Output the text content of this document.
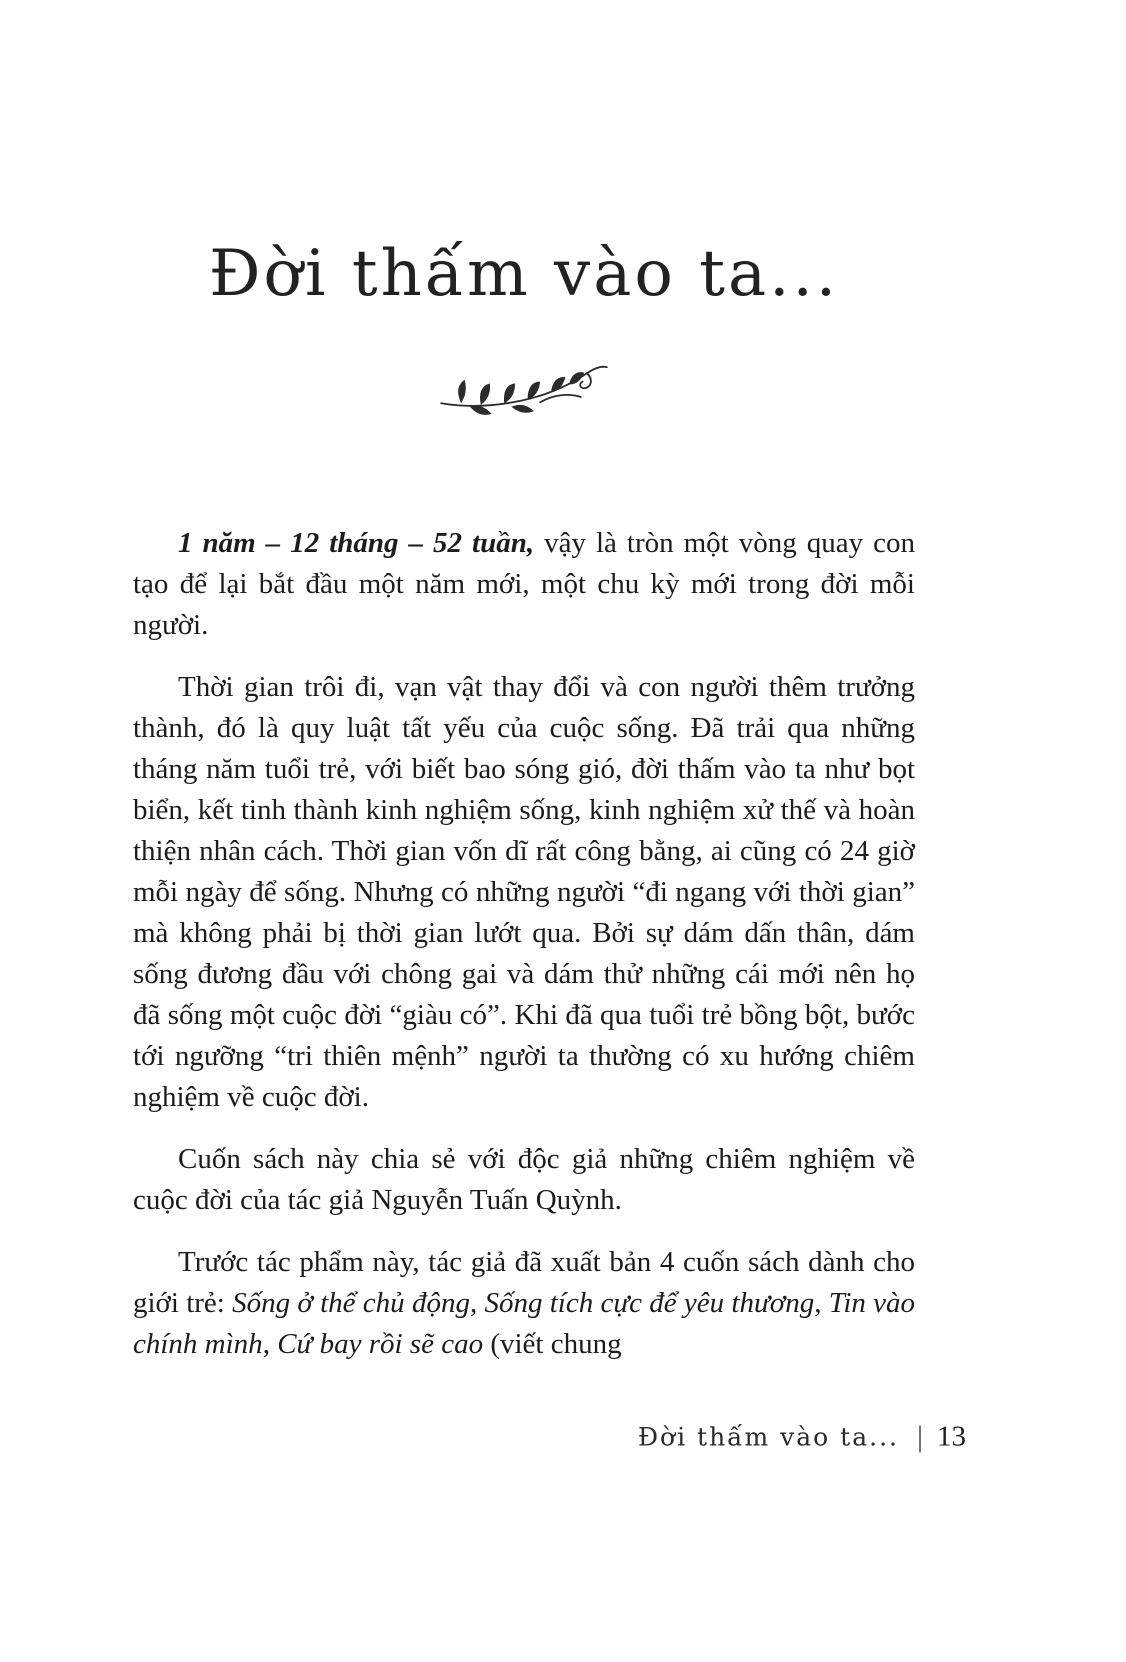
Đời thấm vào ta...

1 năm – 12 tháng – 52 tuần, vậy là tròn một vòng quay con tạo để lại bắt đầu một năm mới, một chu kỳ mới trong đời mỗi người.

Thời gian trôi đi, vạn vật thay đổi và con người thêm trưởng thành, đó là quy luật tất yếu của cuộc sống. Đã trải qua những tháng năm tuổi trẻ, với biết bao sóng gió, đời thấm vào ta như bọt biển, kết tinh thành kinh nghiệm sống, kinh nghiệm xử thế và hoàn thiện nhân cách. Thời gian vốn dĩ rất công bằng, ai cũng có 24 giờ mỗi ngày để sống. Nhưng có những người “đi ngang với thời gian” mà không phải bị thời gian lướt qua. Bởi sự dám dấn thân, dám sống đương đầu với chông gai và dám thử những cái mới nên họ đã sống một cuộc đời “giàu có”. Khi đã qua tuổi trẻ bồng bột, bước tới ngưỡng “tri thiên mệnh” người ta thường có xu hướng chiêm nghiệm về cuộc đời.

Cuốn sách này chia sẻ với độc giả những chiêm nghiệm về cuộc đời của tác giả Nguyễn Tuấn Quỳnh.

Trước tác phẩm này, tác giả đã xuất bản 4 cuốn sách dành cho giới trẻ: Sống ở thể chủ động, Sống tích cực để yêu thương, Tin vào chính mình, Cứ bay rồi sẽ cao (viết chung

Đời thấm vào ta... | 13
